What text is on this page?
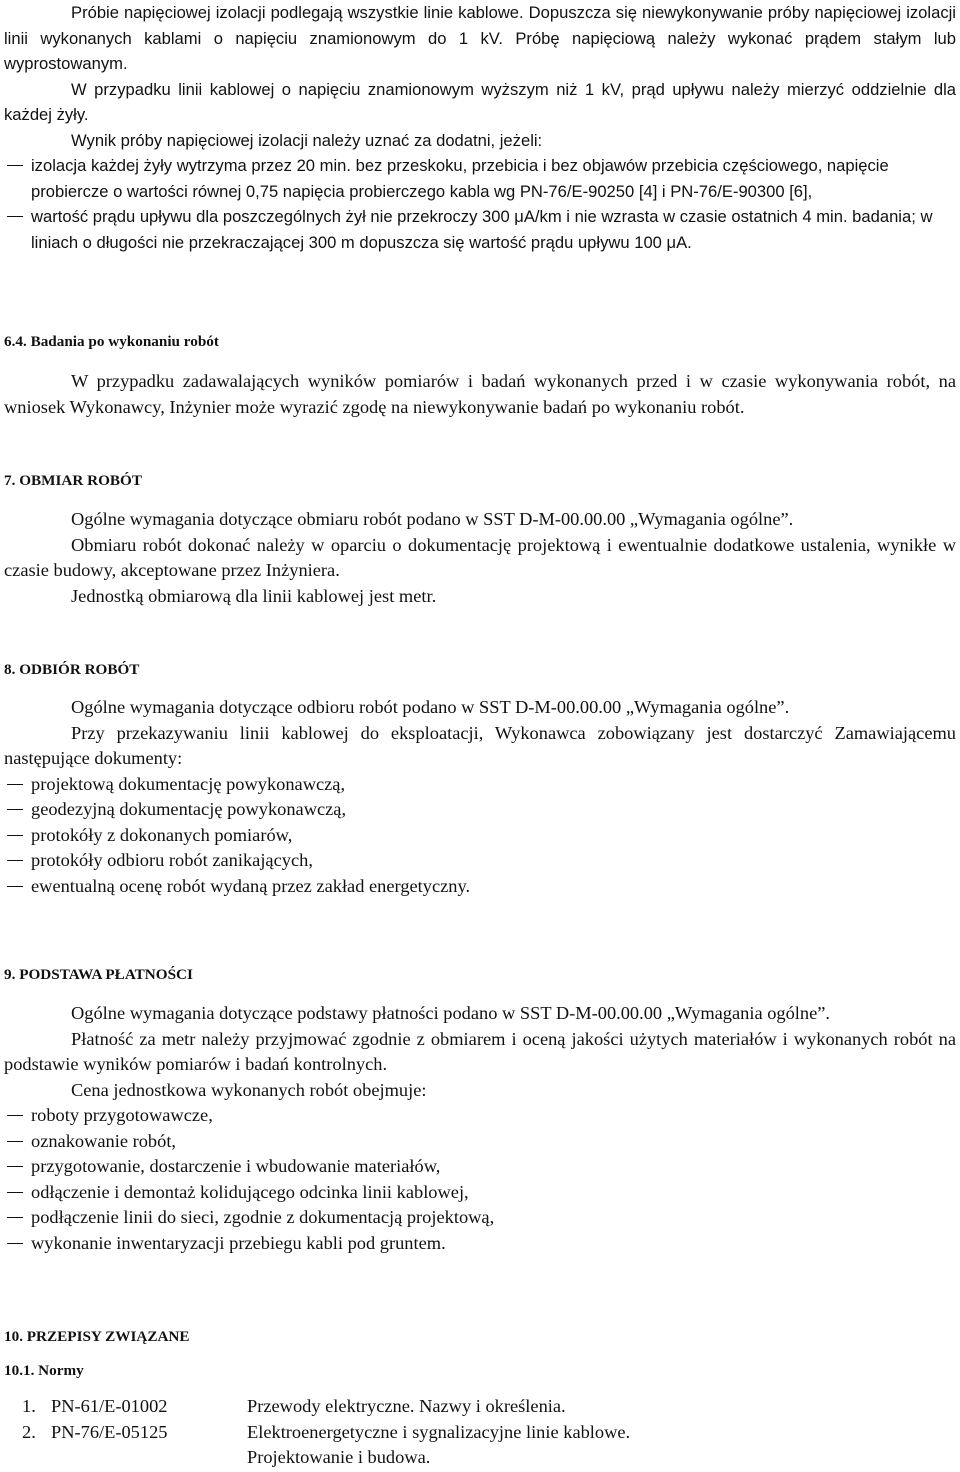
Próbie napięciowej izolacji podlegają wszystkie linie kablowe. Dopuszcza się niewykonywanie próby napięciowej izolacji linii wykonanych kablami o napięciu znamionowym do 1 kV. Próbę napięciową należy wykonać prądem stałym lub wyprostowanym.

W przypadku linii kablowej o napięciu znamionowym wyższym niż 1 kV, prąd upływu należy mierzyć oddzielnie dla każdej żyły.

Wynik próby napięciowej izolacji należy uznać za dodatni, jeżeli:

izolacja każdej żyły wytrzyma przez 20 min. bez przeskoku, przebicia i bez objawów przebicia częściowego, napięcie probiercze o wartości równej 0,75 napięcia probierczego kabla wg PN-76/E-90250 [4] i PN-76/E-90300 [6],

wartość prądu upływu dla poszczególnych żył nie przekroczy 300 μA/km i nie wzrasta w czasie ostatnich 4 min. badania; w liniach o długości nie przekraczającej 300 m dopuszcza się wartość prądu upływu 100 μA.

6.4. Badania po wykonaniu robót

W przypadku zadawalających wyników pomiarów i badań wykonanych przed i w czasie wykonywania robót, na wniosek Wykonawcy, Inżynier może wyrazić zgodę na niewykonywanie badań po wykonaniu robót.

7. OBMIAR ROBÓT

Ogólne wymagania dotyczące obmiaru robót podano w SST D-M-00.00.00 „Wymagania ogólne”.

Obmiaru robót dokonać należy w oparciu o dokumentację projektową i ewentualnie dodatkowe ustalenia, wynikłe w czasie budowy, akceptowane przez Inżyniera.

Jednostką obmiarową dla linii kablowej jest metr.

8. ODBIÓR ROBÓT

Ogólne wymagania dotyczące odbioru robót podano w SST D-M-00.00.00 „Wymagania ogólne”.

Przy przekazywaniu linii kablowej do eksploatacji, Wykonawca zobowiązany jest dostarczyć Zamawiającemu następujące dokumenty:

projektową dokumentację powykonawczą,

geodezyjną dokumentację powykonawczą,

protokóły z dokonanych pomiarów,

protokóły odbioru robót zanikających,

ewentualną ocenę robót wydaną przez zakład energetyczny.

9. PODSTAWA PŁATNOŚCI

Ogólne wymagania dotyczące podstawy płatności podano w SST D-M-00.00.00 „Wymagania ogólne”.

Płatność za metr należy przyjmować zgodnie z obmiarem i oceną jakości użytych materiałów i wykonanych robót na podstawie wyników pomiarów i badań kontrolnych.

Cena jednostkowa wykonanych robót obejmuje:

roboty przygotowawcze,

oznakowanie robót,

przygotowanie, dostarczenie i wbudowanie materiałów,

odłączenie i demontaż kolidującego odcinka linii kablowej,

podłączenie linii do sieci, zgodnie z dokumentacją projektową,

wykonanie inwentaryzacji przebiegu kabli pod gruntem.

10. PRZEPISY ZWIĄZANE
10.1. Normy
1. PN-61/E-01002	Przewody elektryczne. Nazwy i określenia.
2. PN-76/E-05125	Elektroenergetyczne i sygnalizacyjne linie kablowe. Projektowanie i budowa.
